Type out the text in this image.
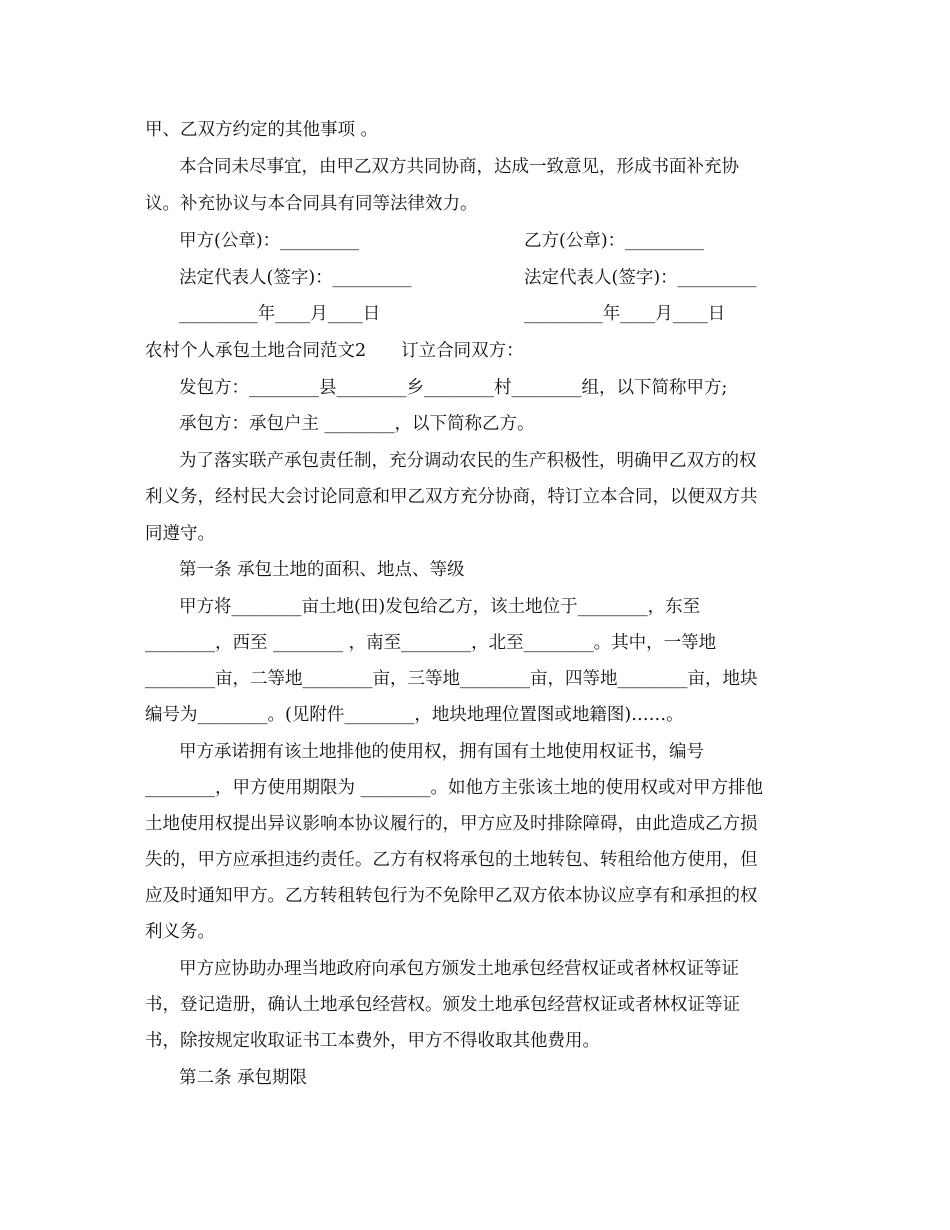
甲、乙双方约定的其他事项 。
本合同未尽事宜，由甲乙双方共同协商，达成一致意见，形成书面补充协
议。补充协议与本合同具有同等法律效力。
甲方(公章)：_________	乙方(公章)：_________
法定代表人(签字)：_________	法定代表人(签字)：_________
_________年____月____日	_________年____月____日
农村个人承包土地合同范文2　　订立合同双方：
发包方：________县________乡________村________组，以下简称甲方;
承包方：承包户主 ________，以下简称乙方。
为了落实联产承包责任制，充分调动农民的生产积极性，明确甲乙双方的权
利义务，经村民大会讨论同意和甲乙双方充分协商，特订立本合同，以便双方共
同遵守。
第一条 承包土地的面积、地点、等级
甲方将________亩土地(田)发包给乙方，该土地位于________，东至
________，西至 ________ ，南至________，北至________。其中，一等地
________亩，二等地________亩，三等地________亩，四等地________亩，地块
编号为________。(见附件________，地块地理位置图或地籍图)……。
甲方承诺拥有该土地排他的使用权，拥有国有土地使用权证书，编号
________，甲方使用期限为 ________。如他方主张该土地的使用权或对甲方排他
土地使用权提出异议影响本协议履行的，甲方应及时排除障碍，由此造成乙方损
失的，甲方应承担违约责任。乙方有权将承包的土地转包、转租给他方使用，但
应及时通知甲方。乙方转租转包行为不免除甲乙双方依本协议应享有和承担的权
利义务。
甲方应协助办理当地政府向承包方颁发土地承包经营权证或者林权证等证
书，登记造册，确认土地承包经营权。颁发土地承包经营权证或者林权证等证
书，除按规定收取证书工本费外，甲方不得收取其他费用。
第二条 承包期限
